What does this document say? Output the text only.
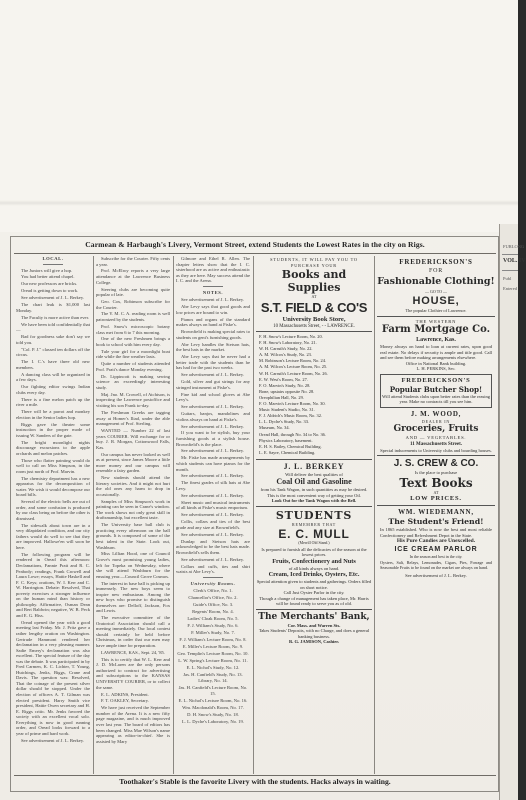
FURLONG
VOL. IV
Publ
Entered
Carmean & Harbaugh's Livery, Vermont Street, extend Students the Lowest Rates in the city on Rigs.
Toothaker's Stable is the favorite Livery with the students. Hacks always in waiting.

LOCAL.

The Juniors will give a hop.

You had better attend chapel.

Our new professors are bricks.

Oread is getting down to work.

See advertisement of J. L. Berkey.

The chart leak is $1,000 last Monday.

The Faculty is more active than ever.

We have been told confidentially that —

Bad for goodness sake don't say we told you.

"Col. P. J." classed ten dollars off the circus.

The I. C.'s have three old new members.

A dancing class will be organized in a few days.

Our fighting editor swings Indian clubs every day.

There is a fine melon patch up the river a mile.

There will be a parrot and monkey election in the Senior ladies hop.

Biggs gave the theater some instruction in the proper mode of issuing W. Sanders of the gate.

The bright moonlight nights discourage excursions to the apple orchards and melon patches.

Those who flatter painting would do well to call on Miss Simpson, in the room just north of Prof. Marvin.

The chemistry department has a new apparatus for the decomposition of water. We wish it would decompose our board bills.

Several of the electric bells are out of order, and some confusion is produced by our class being on before the other is dismissed.

The sidewalk about town are in a very dilapidated condition, and our city fathers would do well to see that they are improved. Hallowe'en will soon be here.

The following program will be rendered in Oread this afternoon: Declamations, Fannie Pratt and R. C. Peabody; readings, Frank Crowell and Laura Lowe; essays, Hattie Haskell and F. C. Keys; orations, W. I. Kerr and C. W. Harrington. Debate: Resolved, That poverty exercises a stronger influence on the human mind than history or philosophy. Affirmative, Osman Dean and Bert Baldwin; negative, W. B. Peck and E. G. Hiss.

Oread opened the year with a good meeting last Friday. Mr. J. Pritz gave a rather lengthy oration on Washington. Gertrude Hammont rendered her declamation in a very pleasing manner. Sadie Emery's declamation was also excellent. The special feature of the day was the debate. It was participated in by Fred Carmen, K. C. Lichter, T. Young, Hutchings, Jenks, Biggs, Crane and Davis. The question was: Resolved, That the coinage of the present silver dollar should be stopped. Under the election of officers A. T. Gilman was elected president. Harry Smith vice president, Hattie Owen secretary and H. E. Riggs critic. Mr. Jenks favored the society with an excellent vocal solo. Everything is now in good running order, and Oread looks forward to a year of prime and hard work.

See advertisement of J. L. Berkey.

Subscribe for the Courier. Fifty cents a year.

Prof. McElroy reports a very large attendance at the Lawrence Business College.

Steering clubs are becoming quite popular of late.

Geo. Cox, Robinson subscribe for the Courier.

The Y. M. C. A. reading room is well patronized by the students.

Prof. Snow's microscopic botany class met from 6 to 7 this morning.

One of the new Freshmen brings a book to school with him every day.

Tule your girl for a moonlight boat ride while the fine weather lasts.

Quite a number of students attended Prof. Pratt's dance Monday evening.

Dr. Lippincott is making sewing science an exceedingly interesting study.

Maj. Jno. M. Crowell, of Atchison, is inspecting the Lawrence postoffice and visiting his son Frank to-day.

The Freshman Greeks are tagging away at Homer's Iliad, under the able management of Prof. Sterling.

WANTED — Number 22 of last years COURIER. Will exchange for or buy. J. R. Morgan, Cottonwood Falls, Kas.

Our campus has never looked as well as at present, since James Moore a little more money and our campus will resemble a fairy garden.

New students should attend the literary societies. And it might not hurt the old ones any harm to drop in occasionally.

Samples of Miss Simpson's work in painting can be seen in Crane's window. The work shows not only great skill in draftsmanship, but excellent taste.

The University base ball club is practicing every afternoon on the ball grounds. It is composed of some of the best talent in the State. Look out, Washburn.

Miss Lillian Hood, one of Council Grove's most promising young ladies, left for Topeka on Wednesday, where she will attend Washburn for the ensuing year.—Council Grove Cosmos.

The interest in base ball is picking up immensely. The new boys seem to inspire new enthusiasm. Among the new boys who promise to distinguish themselves are: Delloff, Jackson, Fox and Lewis.

The executive committee of the Oratorical Association should call a meeting immediately. Our local contest should certainly be held before Christmas, in order that our men may have ample time for preparation.

LAWRENCE, KAS., Sept. 24, '85.

This is to certify that W. L. Kerr and J. D. McLaren are the only persons authorized to contract for advertising and subscriptions to the KANSAS UNIVERSITY COURIER, or to collect the same.

E. L. ADKINS, President.

F. T. OAKLEY, Secretary.

We have just received the September number of the Arena. It is a new fifty page magazine, and is much improved over last year. The board of editors has been changed. Miss Mae Wilson's name appearing as editor-in-chief. She is assisted by Mary

Gilmore and Ethel R. Allen. The chapter letters show that the I. C. sisterhood are as active and enthusiastic as they are here. May success attend the I. C. and the Arena.

NOTES.

See advertisement of J. L. Berkey.

Abe Levy says that good goods and low prices are bound to win.

Pianos and organs of the standard makes always on hand at Fiske's.

Brownfield is making special rates to students on gent's furnishing goods.

Abe Levy handles the Stetson hats, the best hats in the market.

Abe Levy says that he never had a better trade with the students than he has had for the past two weeks.

See advertisement of J. L. Berkey.

Gold, silver and gut strings for any stringed instrument at Fiske's.

Fine kid and school gloves at Abe Levy's.

See advertisement of J. L. Berkey.

Guitars, banjos, mandolines and violins always on hand at Fiske's.

See advertisement of J. L. Berkey.

If you want to be stylish, buy your furnishing goods at a stylish house. Brownfield's is the place.

See advertisement of J. L. Berkey.

Mr. Fiske has made arrangements by which students can have pianos for the month.

See advertisement of J. L. Berkey.

The finest grades of silk hats at Abe Levy.

See advertisement of J. L. Berkey.

Sheet music and musical instruments of all kinds at Fiske's music emporium.

See advertisement of J. L. Berkey.

Collis, collars and ties of the best grade and any size at Brownfield's.

See advertisement of J. L. Berkey.

Dunlap and Stetson hats are acknowledged to be the best hats made. Brownfield's sells them.

See advertisement of J. L. Berkey.

Collars and cuffs, ties and shirt waists at Abe Levy's.

University Rooms.

Clerk's Office, No. 1.

Chancellor's Office, No. 2.

Guide's Office, No. 3.

Regents' Room, No. 4.

Ladies' Cloak Room, No. 5.

F. J. William's Study, No. 6.

F. Miller's Study, No. 7.

F. J. William's Lecture Room, No. 8.

E. Miller's Lecture Room, No. 9.

Geo. Templin's Lecture Room, No. 10.

L. W. Spring's Lecture Room, No. 11.

E. L. Nichol's Study, No. 12.

Jas. H. Canfield's Study, No. 13.

Library, No. 14.

Jas. H. Canfield's Lecture Room, No. 15.

E. L. Nichol's Lecture Room, No. 16.

Wm. Macdonald's Room, No. 17.

D. H. Snow's Study, No. 18.

L. L. Dyche's Laboratory, No. 19.

STUDENTS, IT WILL PAY YOU TO PURCHASE YOUR
Books and Supplies
AT
S.T. FIELD & CO'S
University Book Store,
10 Massachusetts Street, - - LAWRENCE.
F. H. Snow's Lecture Room, No. 20.
F. H. Snow's Laboratory, No. 21.
W. H. Carruth's Study, No. 22.
A. M. Wilcox's Study, No. 23.
M. Robinson's Lecture Room, No. 24.
A. M. Wilcox's Lecture Room, No. 25.
W. H. Carruth's Lecture Room, No. 26.
E. W. West's Room, No. 27.
F. O. Marvin's Study, No. 28.
Bone, upstairs opposite No. 28.
Oreophilian Hall, No. 29.
F. O. Marvin's Lecture Room, No. 30.
Music Student's Studio, No. 31.
F. J. Aldrich's Music Room, No. 32.
L. L. Dyche's Study, No. 33.
Museum, No. 34.
Oread Hall, through No. 34 to No. 36.
Physics Laboratory, basement.
E. H. S. Bailey, Chemical Building.
L. E. Sayre, Chemical Building.
J. L. BERKEY
Will deliver the best qualities of
Coal Oil and Gasoline
from his Tank Wagon, in such quantities as may be desired.
This is the most convenient way of getting your Oil.
Look Out for the Tank Wagon with the Bell.
STUDENTS
REMEMBER THAT
E. C. MULL
(Merrill Old Stand.)
Is prepared to furnish all the delicacies of the season at the lowest prices.
Fruits, Confectionery and Nuts
of all kinds always on hand.
Cream, Iced Drinks, Oysters, Etc.
Special attention given to students and gatherings. Orders filled on short notice.
Call Just Oyster Parlor in the city.
Though a change of management has taken place, Mr. Harris will be found ready to serve you as of old.
The Merchants' Bank,
Cor. Mass. and Warren Sts.
Takes Students' Deposits, with no Charge, and does a general banking business.
R. G. JAMISON, Cashier.
FREDERICKSON'S
FOR
Fashionable Clothing!
— GO TO —
HOUSE,
The popular Clothier of Lawrence.
THE WESTERN
Farm Mortgage Co.
Lawrence, Kas.
Money always on hand to loan at current rates, upon good real estate. No delays if security is ample and title good. Call and see them before making arrangements elsewhere.
Office in National Bank building.
L. H. PERKINS, Sec.
FREDERICKSON'S
Popular Butcher Shop!
Will attend Students clubs upon better rates than the reasing year. Make no contracts till you see him.
J. M. WOOD,
DEALER IN
Groceries, Fruits
AND — VEGETABLES.
11 Massachusetts Street.
Special inducements to University clubs and boarding houses.
J. S. CREW & CO.
Is the place to purchase
Text Books
AT
LOW PRICES.
WM. WIEDEMANN,
The Student's Friend!
In 1865 established. Who is now the best and most reliable Confectionery and Refreshment Depot in the State.
His Pure Candies are Unexcelled.
ICE CREAM PARLOR
In the season and best in the city.
Oysters, Salt, Relays, Lemonades, Cigars, Pies, Forrage and Seasonable Fruits to be found on the market are always on hand.
See advertisement of J. L. Berkey.
